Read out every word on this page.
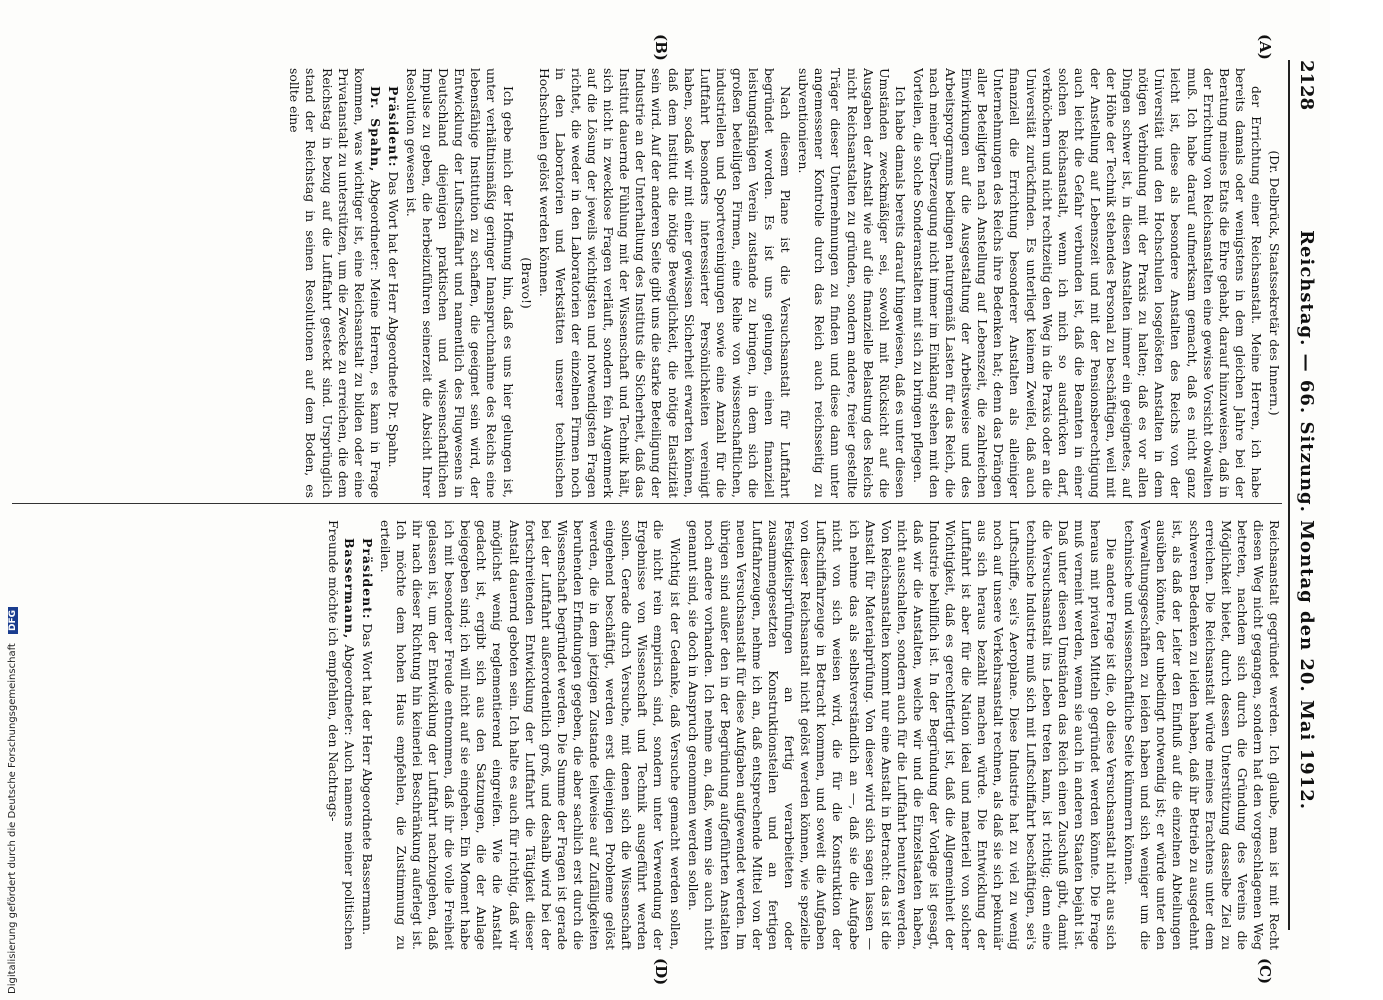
2128
Reichstag. — 66. Sitzung. Montag den 20. Mai 1912.
(A)
(B)
(C)
(D)

(Dr. Delbrück, Staatssekretär des Innern.)

der Errichtung einer Reichsanstalt. Meine Herren, ich habe bereits damals oder wenigstens in dem gleichen Jahre bei der Beratung meines Etats die Ehre gehabt, darauf hinzuweisen, daß in der Errichtung von Reichsanstalten eine gewisse Vorsicht obwalten muß. Ich habe darauf aufmerksam gemacht, daß es nicht ganz leicht ist, diese als besondere Anstalten des Reichs von der Universität und den Hochschulen losgelösten Anstalten in dem nötigen Verbindung mit der Praxis zu halten; daß es vor allen Dingen schwer ist, in diesen Anstalten immer ein geeignetes, auf der Höhe der Technik stehendes Personal zu beschäftigen, weil mit der Anstellung auf Lebenszeit und mit der Pensionsberechtigung auch leicht die Gefahr verbunden ist, daß die Beamten in einer solchen Reichsanstalt, wenn ich mich so ausdrücken darf, verknöchern und nicht rechtzeitig den Weg in die Praxis oder an die Universität zurückfinden. Es unterliegt keinem Zweifel, daß auch finanziell die Errichtung besonderer Anstalten als alleiniger Unternehmungen des Reichs ihre Bedenken hat; denn das Drängen aller Beteiligten nach Anstellung auf Lebenszeit, die zahlreichen Einwirkungen auf die Ausgestaltung der Arbeitsweise und des Arbeitsprogramms bedingen naturgemäß Lasten für das Reich, die nach meiner Überzeugung nicht immer im Einklang stehen mit den Vorteilen, die solche Sonderanstalten mit sich zu bringen pflegen.

Ich habe damals bereits darauf hingewiesen, daß es unter diesen Umständen zweckmäßiger sei, sowohl mit Rücksicht auf die Ausgaben der Anstalt wie auf die finanzielle Belastung des Reichs nicht Reichsanstalten zu gründen, sondern andere, freier gestellte Träger dieser Unternehmungen zu finden und diese dann unter angemessener Kontrolle durch das Reich auch reichsseitig zu subventionieren.

Nach diesem Plane ist die Versuchsanstalt für Luftfahrt begründet worden. Es ist uns gelungen, einen finanziell leistungsfähigen Verein zustande zu bringen, in dem sich die großen beteiligten Firmen, eine Reihe von wissenschaftlichen, industriellen und Sportvereinigungen sowie eine Anzahl für die Luftfahrt besonders interessierter Persönlichkeiten vereinigt haben, sodaß wir mit einer gewissen Sicherheit erwarten können, daß dem Institut die nötige Beweglichkeit, die nötige Elastizität sein wird. Auf der anderen Seite gibt uns die starke Beteiligung der Industrie an der Unterhaltung des Instituts die Sicherheit, daß das Institut dauernde Fühlung mit der Wissenschaft und Technik hält, sich nicht in zwecklose Fragen verläuft, sondern fein Augenmerk auf die Lösung der jeweils wichtigsten und notwendigsten Fragen richtet, die weder in den Laboratorien der einzelnen Firmen noch in den Laboratorien und Werkstätten unserer technischen Hochschulen gelöst werden können.

(Bravo!)

Ich gebe mich der Hoffnung hin, daß es uns hier gelungen ist, unter verhältnismäßig geringer Inanspruchnahme des Reichs eine lebensfähige Institution zu schaffen, die geeignet sein wird, der Entwicklung der Luftschiffahrt und namentlich des Flugwesens in Deutschland diejenigen praktischen und wissenschaftlichen Impulse zu geben, die herbeizuführen seinerzeit die Absicht Ihrer Resolution gewesen ist.

Präsident: Das Wort hat der Herr Abgeordnete Dr. Spahn.

Dr. Spahn, Abgeordneter: Meine Herren, es kann in Frage kommen, was wichtiger ist, eine Reichsanstalt zu bilden oder eine Privatanstalt zu unterstützen, um die Zwecke zu erreichen, die dem Reichstag in bezug auf die Luftfahrt gesteckt sind. Ursprünglich stand der Reichstag in seinen Resolutionen auf dem Boden, es sollte eine

Reichsanstalt gegründet werden. Ich glaube, man ist mit Recht diesen Weg nicht gegangen, sondern hat den vorgeschlagenen Weg betreten, nachdem sich durch die Gründung des Vereins die Möglichkeit bietet, durch dessen Unterstützung dasselbe Ziel zu erreichen. Die Reichsanstalt würde meines Erachtens unter dem schweren Bedenken zu leiden haben, daß ihr Betrieb zu ausgedehnt ist, als daß der Leiter den Einfluß auf die einzelnen Abteilungen ausüben könnte, der unbedingt notwendig ist; er würde unter den Verwaltungsgeschäften zu leiden haben und sich weniger um die technische und wissenschaftliche Seite kümmern können.

Die andere Frage ist die, ob diese Versuchsanstalt nicht aus sich heraus mit privaten Mitteln gegründet werden könnte. Die Frage muß verneint werden, wenn sie auch in anderen Staaten bejaht ist. Daß unter diesen Umständen das Reich einen Zuschuß gibt, damit die Versuchsanstalt ins Leben treten kann, ist richtig; denn eine technische Industrie muß sich mit Luftschiffahrt beschäftigen, sei's Luftschiffe, sei's Aeroplane. Diese Industrie hat zu viel zu wenig noch auf unsere Verkehrsanstalt rechnen, als daß sie sich pekuniär aus sich heraus bezahlt machen würde. Die Entwicklung der Luftfahrt ist aber für die Nation ideal und materiell von solcher Wichtigkeit, daß es gerechtfertigt ist, daß die Allgemeinheit der Industrie behilflich ist. In der Begründung der Vorlage ist gesagt, daß wir die Anstalten, welche wir und die Einzelstaaten haben, nicht ausschalten, sondern auch für die Luftfahrt benutzen werden. Von Reichsanstalten kommt nur eine Anstalt in Betracht: das ist die Anstalt für Materialprüfung. Von dieser wird sich sagen lassen — ich nehme das als selbstverständlich an —, daß sie die Aufgabe nicht von sich weisen wird, die für die Konstruktion der Luftschiffahrzeuge in Betracht kommen, und soweit die Aufgaben von dieser Reichsanstalt nicht gelöst werden können, wie spezielle Festigkeitsprüfungen an fertig verarbeiteten oder zusammengesetzten Konstruktionsteilen und an fertigen Luftfahrzeugen, nehme ich an, daß entsprechende Mittel von der neuen Versuchsanstalt für diese Aufgaben aufgewendet werden. Im übrigen sind außer den in der Begründung aufgeführten Anstalten noch andere vorhanden. Ich nehme an, daß, wenn sie auch nicht genannt sind, sie doch in Anspruch genommen werden sollen.

Wichtig ist der Gedanke, daß Versuche gemacht werden sollen, die nicht rein empirisch sind, sondern unter Verwendung der Ergebnisse von Wissenschaft und Technik ausgeführt werden sollen. Gerade durch Versuche, mit denen sich die Wissenschaft eingehend beschäftigt, werden erst diejenigen Probleme gelöst werden, die in dem jetzigen Zustande teilweise auf Zufälligkeiten beruhenden Erfindungen gegeben, die aber sachlich erst durch die Wissenschaft begründet werden. Die Summe der Fragen ist gerade bei der Luftfahrt außerordentlich groß, und deshalb wird bei der fortschreitenden Entwicklung der Luftfahrt die Tätigkeit dieser Anstalt dauernd geboten sein. Ich halte es auch für richtig, daß wir möglichst wenig reglementierend eingreifen. Wie die Anstalt gedacht ist, ergibt sich aus den Satzungen, die der Anlage beigegeben sind; ich will nicht auf sie eingehen. Ein Moment habe ich mit besonderer Freude entnommen, daß ihr die volle Freiheit gelassen ist, um der Entwicklung der Luftfahrt nachzugehen, daß ihr nach dieser Richtung hin keinerlei Beschränkung auferlegt ist. Ich möchte dem hohen Haus empfehlen, die Zustimmung zu erteilen.

Präsident: Das Wort hat der Herr Abgeordnete Bassermann.

Bassermann, Abgeordneter: Auch namens meiner politischen Freunde möchte ich empfehlen, den Nachtrags-

Digitalisierung gefördert durch die Deutsche Forschungsgemeinschaft DFG
